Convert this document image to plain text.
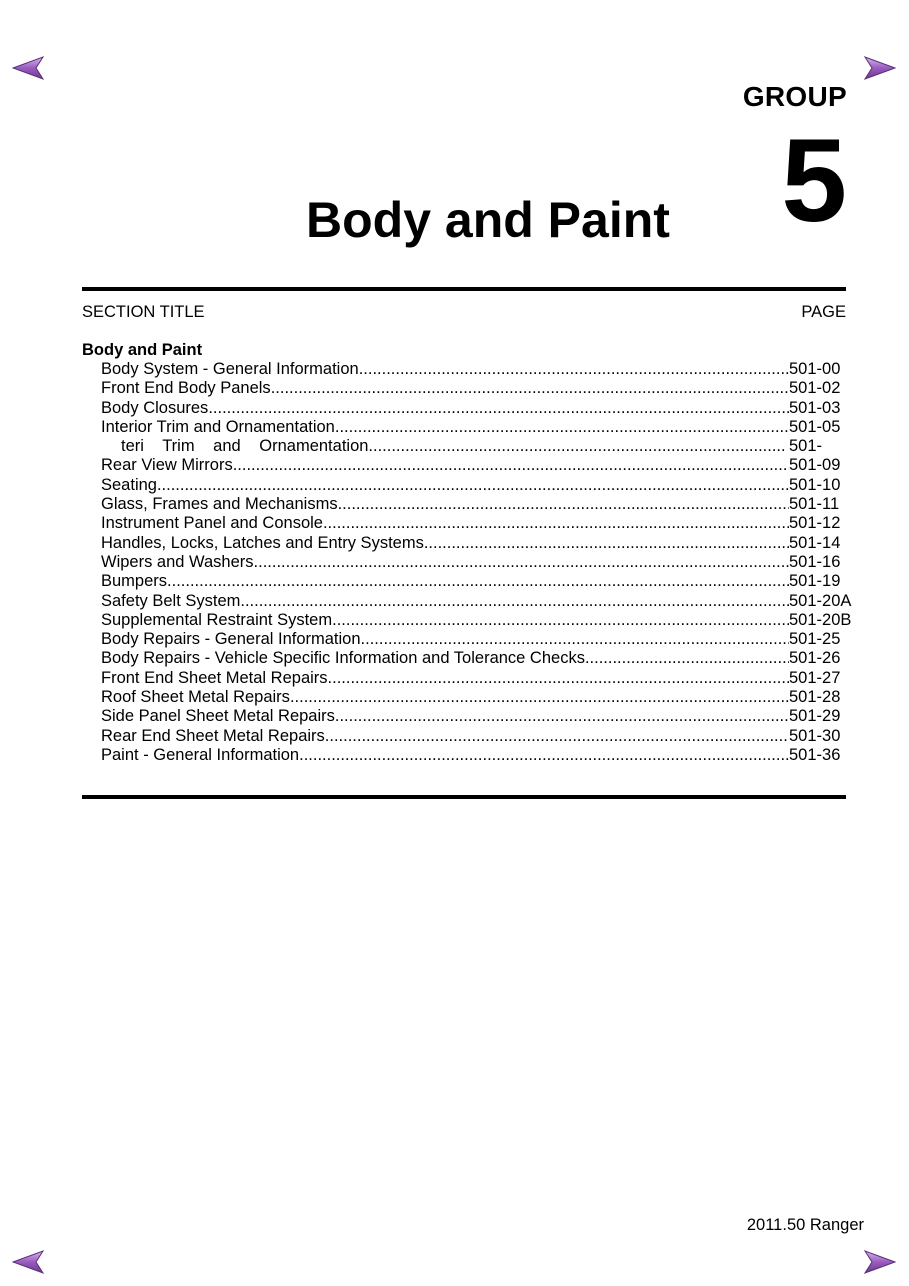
GROUP
5
Body and Paint
SECTION TITLE	PAGE
Body and Paint
Body System - General Information .....	501-00
Front End Body Panels .....	501-02
Body Closures .....	501-03
Interior Trim and Ornamentation .....	501-05
teri Trim and Ornamentation .....	501-
Rear View Mirrors .....	501-09
Seating .....	501-10
Glass, Frames and Mechanisms .....	501-11
Instrument Panel and Console .....	501-12
Handles, Locks, Latches and Entry Systems .....	501-14
Wipers and Washers .....	501-16
Bumpers .....	501-19
Safety Belt System .....	501-20A
Supplemental Restraint System .....	501-20B
Body Repairs - General Information .....	501-25
Body Repairs - Vehicle Specific Information and Tolerance Checks .....	501-26
Front End Sheet Metal Repairs .....	501-27
Roof Sheet Metal Repairs .....	501-28
Side Panel Sheet Metal Repairs .....	501-29
Rear End Sheet Metal Repairs .....	501-30
Paint - General Information .....	501-36
2011.50 Ranger
